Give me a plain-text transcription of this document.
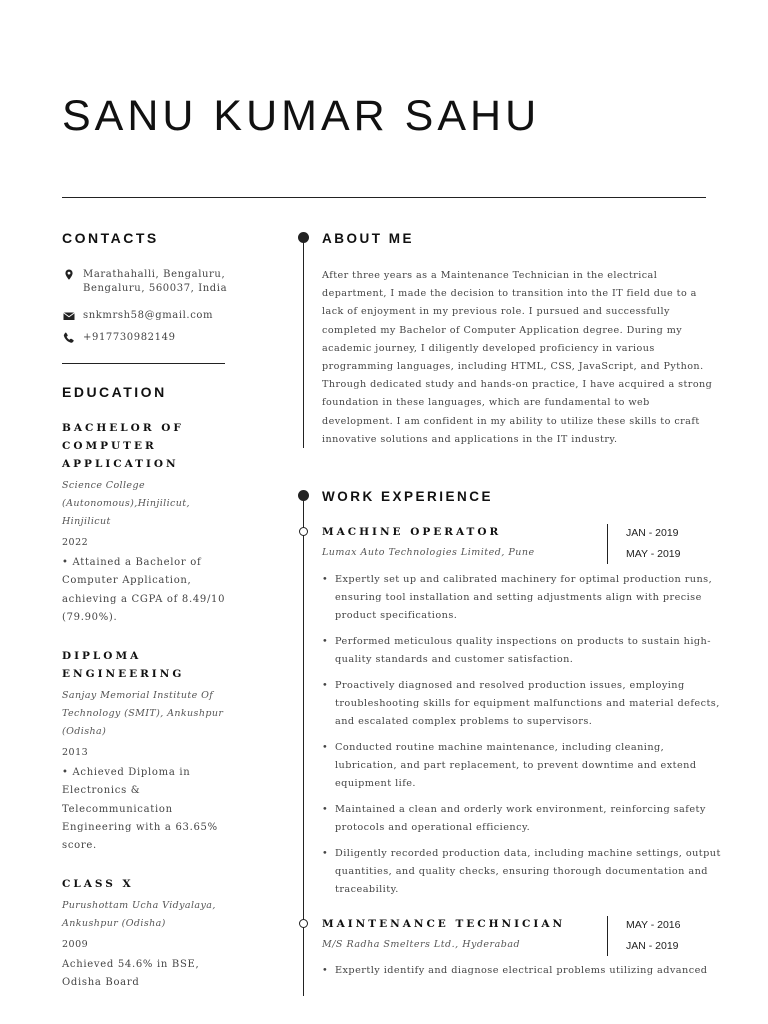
SANU KUMAR SAHU
CONTACTS
Marathahalli, Bengaluru,
Bengaluru, 560037, India
snkmrsh58@gmail.com
+917730982149
EDUCATION
BACHELOR OF
COMPUTER
APPLICATION
Science College
(Autonomous),Hinjilicut,
Hinjilicut
2022
• Attained a Bachelor of
Computer Application,
achieving a CGPA of 8.49/10
(79.90%).
DIPLOMA
ENGINEERING
Sanjay Memorial Institute Of
Technology (SMIT), Ankushpur
(Odisha)
2013
• Achieved Diploma in
Electronics &
Telecommunication
Engineering with a 63.65%
score.
CLASS X
Purushottam Ucha Vidyalaya,
Ankushpur (Odisha)
2009
Achieved 54.6% in BSE,
Odisha Board
ABOUT ME
After three years as a Maintenance Technician in the electrical
department, I made the decision to transition into the IT field due to a
lack of enjoyment in my previous role. I pursued and successfully
completed my Bachelor of Computer Application degree. During my
academic journey, I diligently developed proficiency in various
programming languages, including HTML, CSS, JavaScript, and Python.
Through dedicated study and hands-on practice, I have acquired a strong
foundation in these languages, which are fundamental to web
development. I am confident in my ability to utilize these skills to craft
innovative solutions and applications in the IT industry.
WORK EXPERIENCE
MACHINE OPERATOR
Lumax Auto Technologies Limited, Pune
JAN - 2019
MAY - 2019
• Expertly set up and calibrated machinery for optimal production runs,
ensuring tool installation and setting adjustments align with precise
product specifications.
• Performed meticulous quality inspections on products to sustain high-
quality standards and customer satisfaction.
• Proactively diagnosed and resolved production issues, employing
troubleshooting skills for equipment malfunctions and material defects,
and escalated complex problems to supervisors.
• Conducted routine machine maintenance, including cleaning,
lubrication, and part replacement, to prevent downtime and extend
equipment life.
• Maintained a clean and orderly work environment, reinforcing safety
protocols and operational efficiency.
• Diligently recorded production data, including machine settings, output
quantities, and quality checks, ensuring thorough documentation and
traceability.
MAINTENANCE TECHNICIAN
M/S Radha Smelters Ltd., Hyderabad
MAY - 2016
JAN - 2019
• Expertly identify and diagnose electrical problems utilizing advanced
